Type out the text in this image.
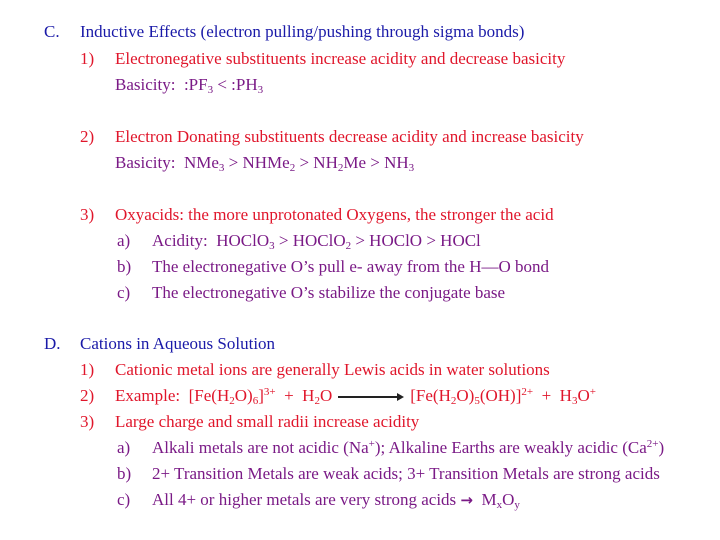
C. Inductive Effects (electron pulling/pushing through sigma bonds)
1) Electronegative substituents increase acidity and decrease basicity
Basicity:  $:PF_3$ < $:PH_3$
2) Electron Donating substituents decrease acidity and increase basicity
Basicity:  NMe$_3$ > NHMe$_2$ > $NH_2Me > NH_3$
3) Oxyacids: the more unprotonated Oxygens, the stronger the acid
a) Acidity:  HOClO$_3$ > HOClO$_2$ > HOClO > HOCl
b) The electronegative O’s pull e- away from the H—O bond
c) The electronegative O’s stabilize the conjugate base
D. Cations in Aqueous Solution
1) Cationic metal ions are generally Lewis acids in water solutions
2) Example:  $[Fe(H_2O)_6]^{3+} + H_2O$	$[Fe(H_2O)_5(OH)]^{2+} + H_3O^+$
3) Large charge and small radii increase acidity
a) Alkali metals are not acidic (Na+); Alkaline Earths are weakly acidic $(Ca^{2+})$
b) 2+ Transition Metals are weak acids; 3+ Transition Metals are strong acids
c) All 4+ or higher metals are very strong acids →  $M_xO_y$
